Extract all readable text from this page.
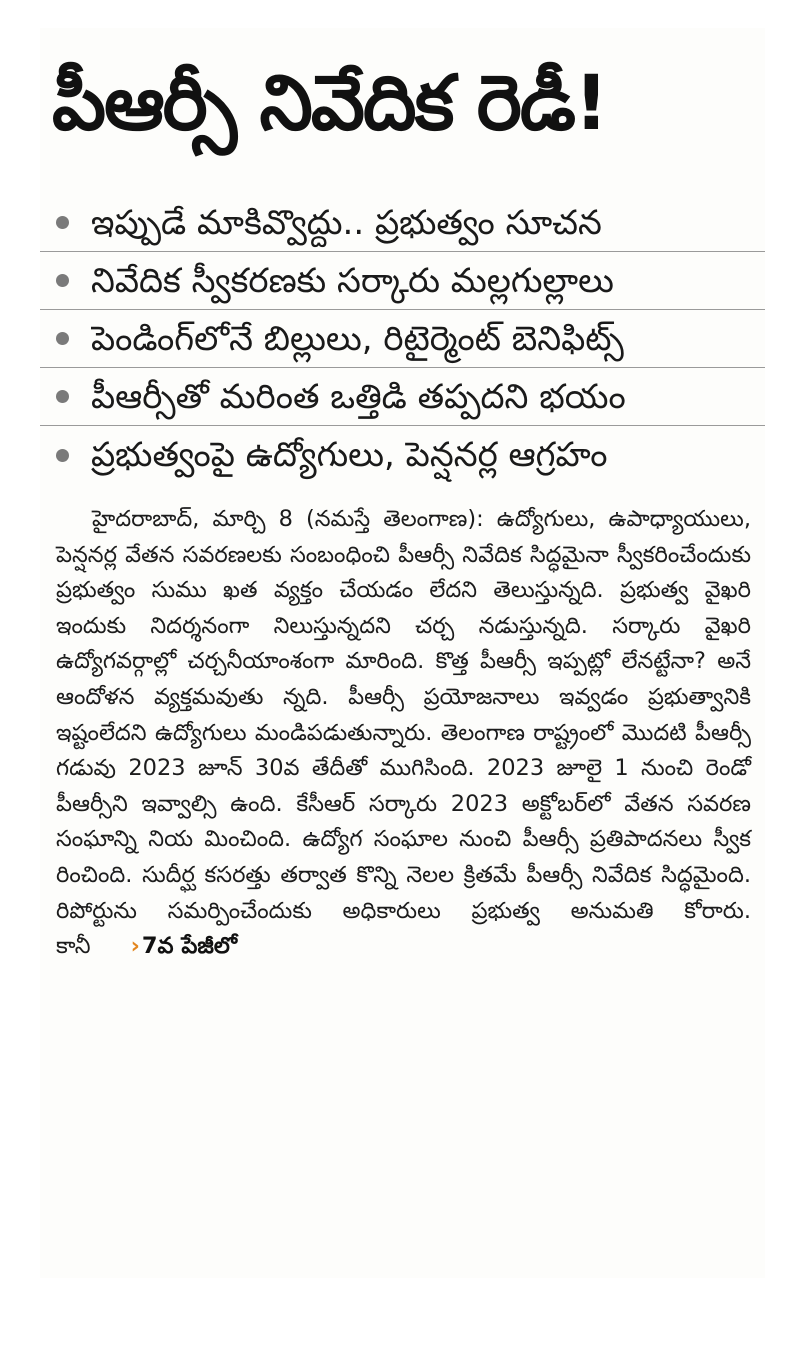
పీఆర్సీ నివేదిక రెడీ!
ఇప్పుడే మాకివ్వొద్దు.. ప్రభుత్వం సూచన
నివేదిక స్వీకరణకు సర్కారు మల్లగుల్లాలు
పెండింగ్‌లోనే బిల్లులు, రిటైర్మెంట్ బెనిఫిట్స్
పీఆర్సీతో మరింత ఒత్తిడి తప్పదని భయం
ప్రభుత్వంపై ఉద్యోగులు, పెన్షనర్ల ఆగ్రహం

హైదరాబాద్, మార్చి 8 (నమస్తే తెలంగాణ): ఉద్యోగులు, ఉపాధ్యాయులు, పెన్షనర్ల వేతన సవరణలకు సంబంధించి పీఆర్సీ నివేదిక సిద్ధమైనా స్వీకరించేందుకు ప్రభుత్వం సుము ఖత వ్యక్తం చేయడం లేదని తెలుస్తున్నది. ప్రభుత్వ వైఖరి ఇందుకు నిదర్శనంగా నిలుస్తున్నదని చర్చ నడుస్తున్నది. సర్కారు వైఖరి ఉద్యోగవర్గాల్లో చర్చనీయాంశంగా మారింది. కొత్త పీఆర్సీ ఇప్పట్లో లేనట్టేనా? అనే ఆందోళన వ్యక్తమవుతు న్నది. పీఆర్సీ ప్రయోజనాలు ఇవ్వడం ప్రభుత్వానికి ఇష్టంలేదని ఉద్యోగులు మండిపడుతున్నారు. తెలంగాణ రాష్ట్రంలో మొదటి పీఆర్సీ గడువు 2023 జూన్ 30వ తేదీతో ముగిసింది. 2023 జూలై 1 నుంచి రెండో పీఆర్సీని ఇవ్వాల్సి ఉంది. కేసీఆర్ సర్కారు 2023 అక్టోబర్‌లో వేతన సవరణ సంఘాన్ని నియ మించింది. ఉద్యోగ సంఘాల నుంచి పీఆర్సీ ప్రతిపాదనలు స్వీక రించింది. సుదీర్ఘ కసరత్తు తర్వాత కొన్ని నెలల క్రితమే పీఆర్సీ నివేదిక సిద్ధమైంది. రిపోర్టును సమర్పించేందుకు అధికారులు ప్రభుత్వ అనుమతి కోరారు. కానీ ›7వ పేజీలో
